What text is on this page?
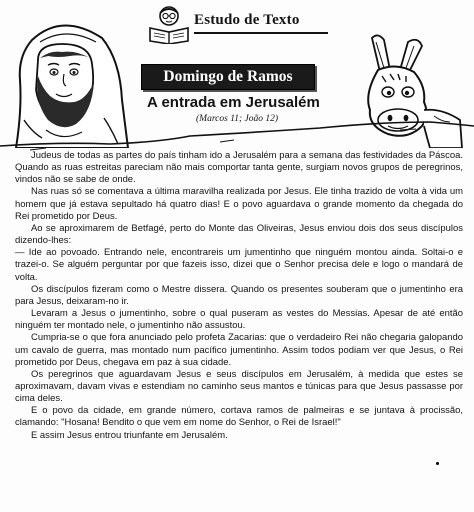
Estudo de Texto
Domingo de Ramos
A entrada em Jerusalém
(Marcos 11; João 12)

Judeus de todas as partes do país tinham ido a Jerusalém para a semana das festividades da Páscoa. Quando as ruas estreitas pareciam não mais comportar tanta gente, surgiam novos grupos de peregrinos, vindos não se sabe de onde.

Nas ruas só se comentava a última maravilha realizada por Jesus. Ele tinha trazido de volta à vida um homem que já estava sepultado há quatro dias! E o povo aguardava o grande momento da chegada do Rei prometido por Deus.

Ao se aproximarem de Betfagé, perto do Monte das Oliveiras, Jesus enviou dois dos seus discípulos dizendo-lhes:

— Ide ao povoado. Entrando nele, encontrareis um jumentinho que ninguém montou ainda. Soltai-o e trazei-o. Se alguém perguntar por que fazeis isso, dizei que o Senhor precisa dele e logo o mandará de volta.

Os discípulos fizeram como o Mestre dissera. Quando os presentes souberam que o jumentinho era para Jesus, deixaram-no ir.

Levaram a Jesus o jumentinho, sobre o qual puseram as vestes do Messias. Apesar de até então ninguém ter montado nele, o jumentinho não assustou.

Cumpria-se o que fora anunciado pelo profeta Zacarias: que o verdadeiro Rei não chegaria galopando um cavalo de guerra, mas montado num pacífico jumentinho. Assim todos podiam ver que Jesus, o Rei prometido por Deus, chegava em paz à sua cidade.

Os peregrinos que aguardavam Jesus e seus discípulos em Jerusalém, à medida que estes se aproximavam, davam vivas e estendiam no caminho seus mantos e túnicas para que Jesus passasse por cima deles.

E o povo da cidade, em grande número, cortava ramos de palmeiras e se juntava à procissão, clamando: "Hosana! Bendito o que vem em nome do Senhor, o Rei de Israel!"

E assim Jesus entrou triunfante em Jerusalém.
